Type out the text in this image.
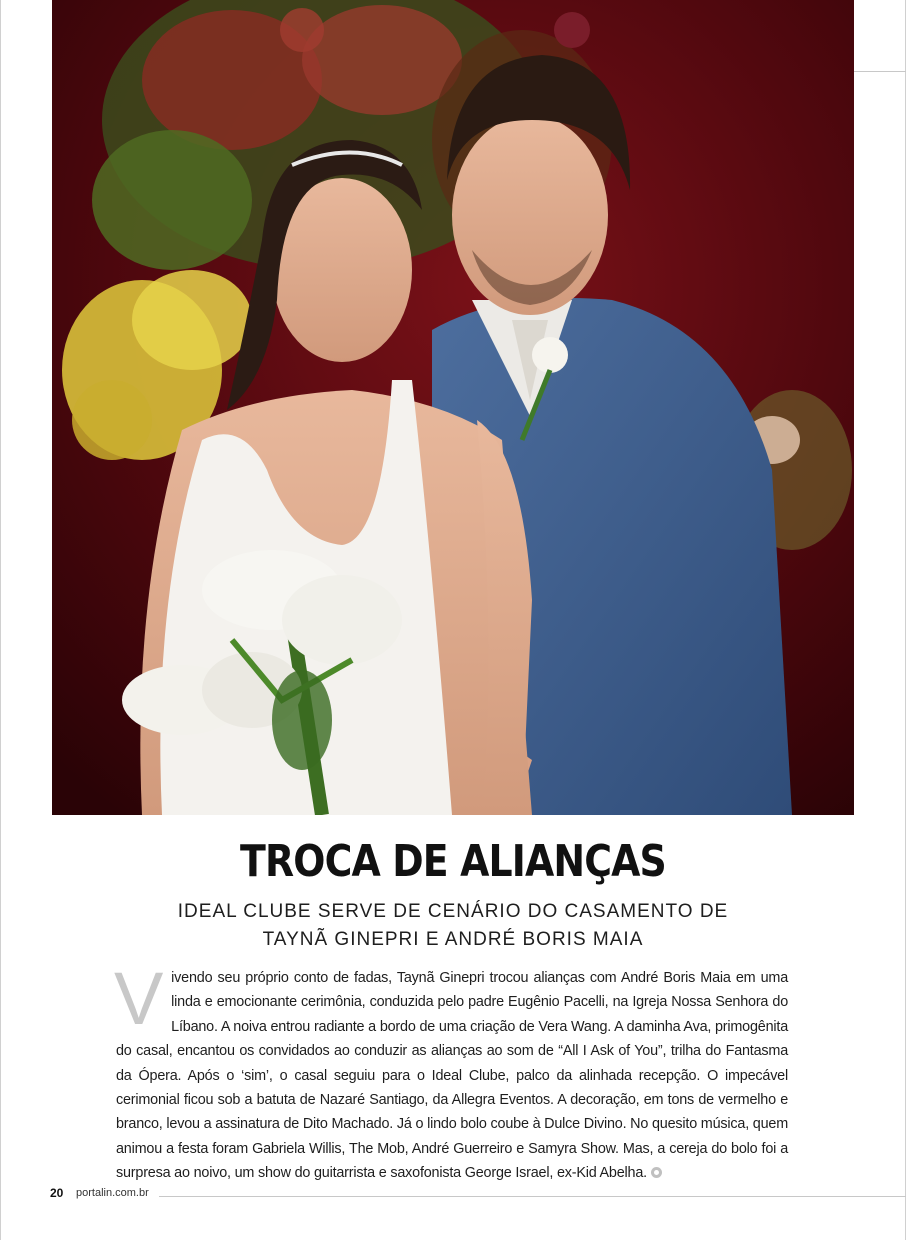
TROCA DE ALIANÇAS
IDEAL CLUBE SERVE DE CENÁRIO DO CASAMENTO DE
TAYNÃ GINEPRI E ANDRÉ BORIS MAIA
Vivendo seu próprio conto de fadas, Taynã Ginepri trocou alianças com André Boris Maia em uma linda e emocionante cerimônia, conduzida pelo padre Eugênio Pacelli, na Igreja Nossa Senhora do Líbano. A noiva entrou radiante a bordo de uma criação de Vera Wang. A daminha Ava, primogênita do casal, encantou os convidados ao conduzir as alianças ao som de “All I Ask of You”, trilha do Fantasma da Ópera. Após o ‘sim’, o casal seguiu para o Ideal Clube, palco da alinhada recepção. O impecável cerimonial ficou sob a batuta de Nazaré Santiago, da Allegra Eventos. A decoração, em tons de vermelho e branco, levou a assinatura de Dito Machado. Já o lindo bolo coube à Dulce Divino. No quesito música, quem animou a festa foram Gabriela Willis, The Mob, André Guerreiro e Samyra Show. Mas, a cereja do bolo foi a surpresa ao noivo, um show do guitarrista e saxofonista George Israel, ex-Kid Abelha.
20 portalin.com.br
